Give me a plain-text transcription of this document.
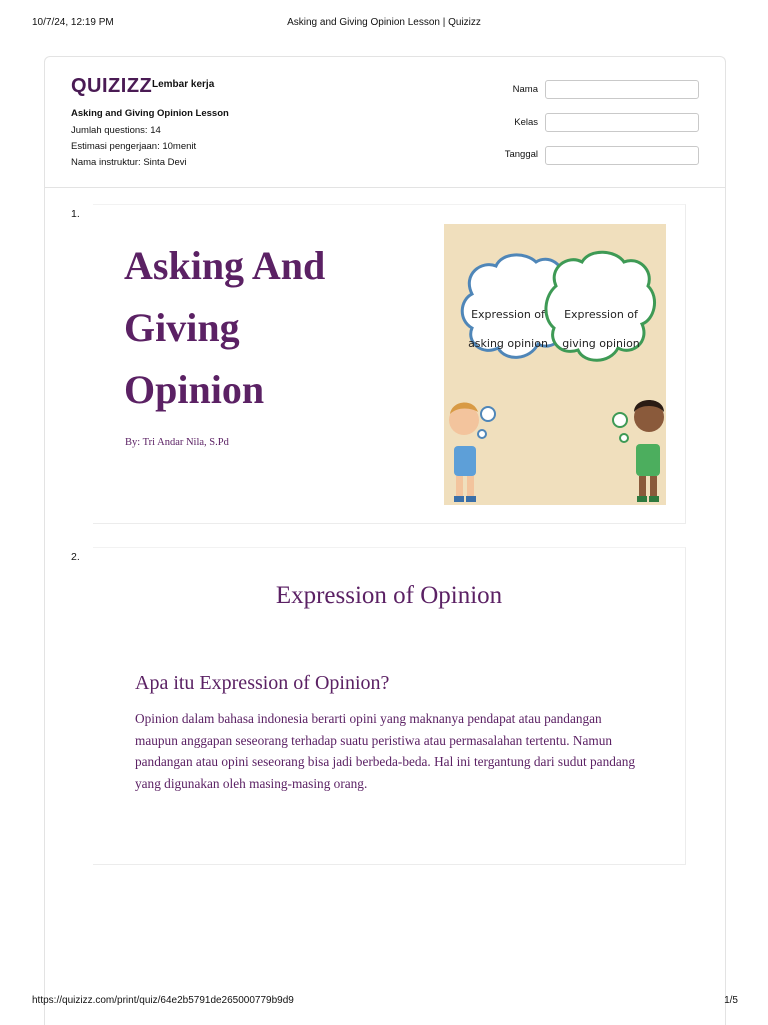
10/7/24, 12:19 PM	Asking and Giving Opinion Lesson | Quizizz
QUIZIZZ Lembar kerja
Asking and Giving Opinion Lesson
Jumlah questions: 14
Estimasi pengerjaan: 10menit
Nama instruktur: Sinta Devi
Nama
Kelas
Tanggal
1.
Asking And
Giving
Opinion
By: Tri Andar Nila, S.Pd
Expression of
asking opinion
Expression of
giving opinion
2.
Expression of Opinion
Apa itu Expression of Opinion?

Opinion dalam bahasa indonesia berarti opini yang maknanya pendapat atau pandangan maupun anggapan seseorang terhadap suatu peristiwa atau permasalahan tertentu. Namun pandangan atau opini seseorang bisa jadi berbeda-beda. Hal ini tergantung dari sudut pandang yang digunakan oleh masing-masing orang.

https://quizizz.com/print/quiz/64e2b5791de265000779b9d9	1/5
